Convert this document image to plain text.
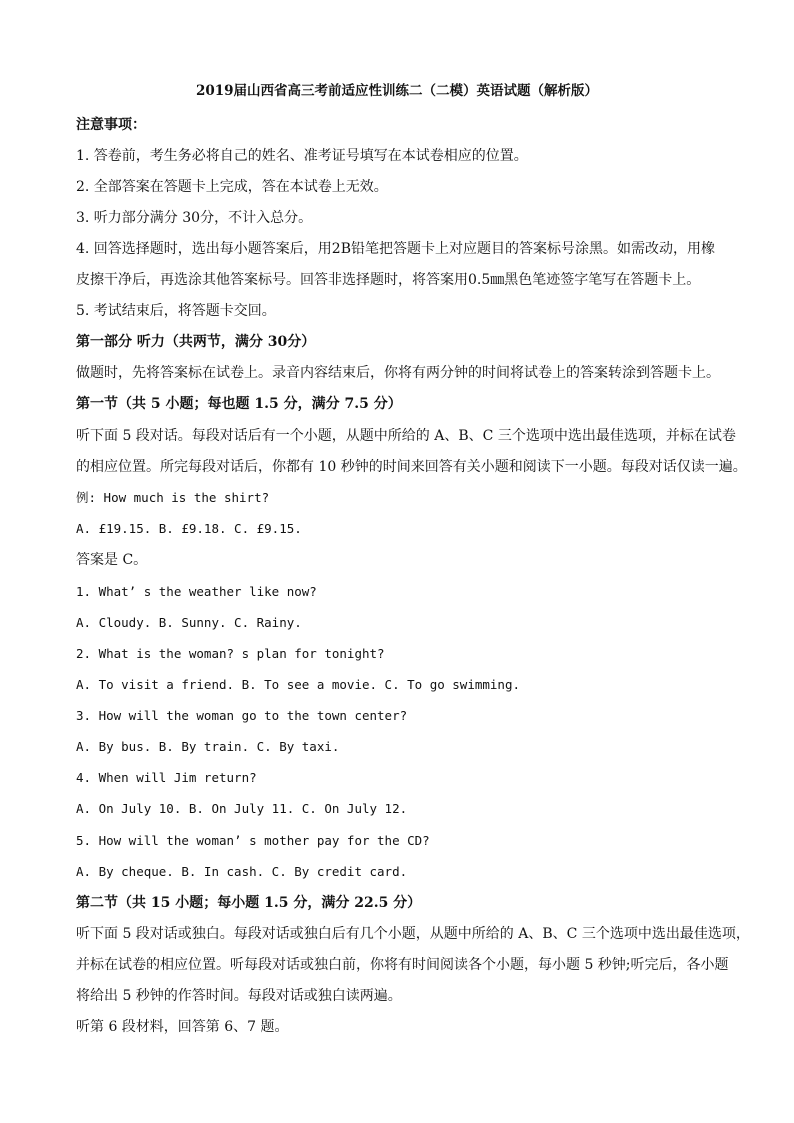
2019届山西省高三考前适应性训练二（二模）英语试题（解析版）
注意事项：
1. 答卷前，考生务必将自己的姓名、准考证号填写在本试卷相应的位置。
2. 全部答案在答题卡上完成，答在本试卷上无效。
3. 听力部分满分 30分，不计入总分。
4. 回答选择题时，选出每小题答案后，用2B铅笔把答题卡上对应题目的答案标号涂黑。如需改动，用橡
皮擦干净后，再选涂其他答案标号。回答非选择题时，将答案用0.5㎜黑色笔迹签字笔写在答题卡上。
5. 考试结束后，将答题卡交回。
第一部分 听力（共两节，满分 30分）
做题时，先将答案标在试卷上。录音内容结束后，你将有两分钟的时间将试卷上的答案转涂到答题卡上。
第一节（共 5 小题；每也题 1.5 分，满分 7.5 分）
听下面 5 段对话。每段对话后有一个小题，从题中所给的 A、B、C 三个选项中选出最佳选项，并标在试卷
的相应位置。所完每段对话后，你都有 10 秒钟的时间来回答有关小题和阅读下一小题。每段对话仅读一遍。
例: How much is the shirt?
A. £19.15. B. £9.18. C. £9.15.
答案是 C。
1. What’ s the weather like now?
A. Cloudy. B. Sunny. C. Rainy.
2. What is the woman? s plan for tonight?
A. To visit a friend. B. To see a movie. C. To go swimming.
3. How will the woman go to the town center?
A. By bus. B. By train. C. By taxi.
4. When will Jim return?
A. On July 10. B. On July 11. C. On July 12.
5. How will the woman’ s mother pay for the CD?
A. By cheque. B. In cash. C. By credit card.
第二节（共 15 小题；每小题 1.5 分，满分 22.5 分）
听下面 5 段对话或独白。每段对话或独白后有几个小题，从题中所给的 A、B、C 三个选项中选出最佳选项，
并标在试卷的相应位置。听每段对话或独白前，你将有时间阅读各个小题，每小题 5 秒钟;听完后，各小题
将给出 5 秒钟的作答时间。每段对话或独白读两遍。
听第 6 段材料，回答第 6、7 题。
